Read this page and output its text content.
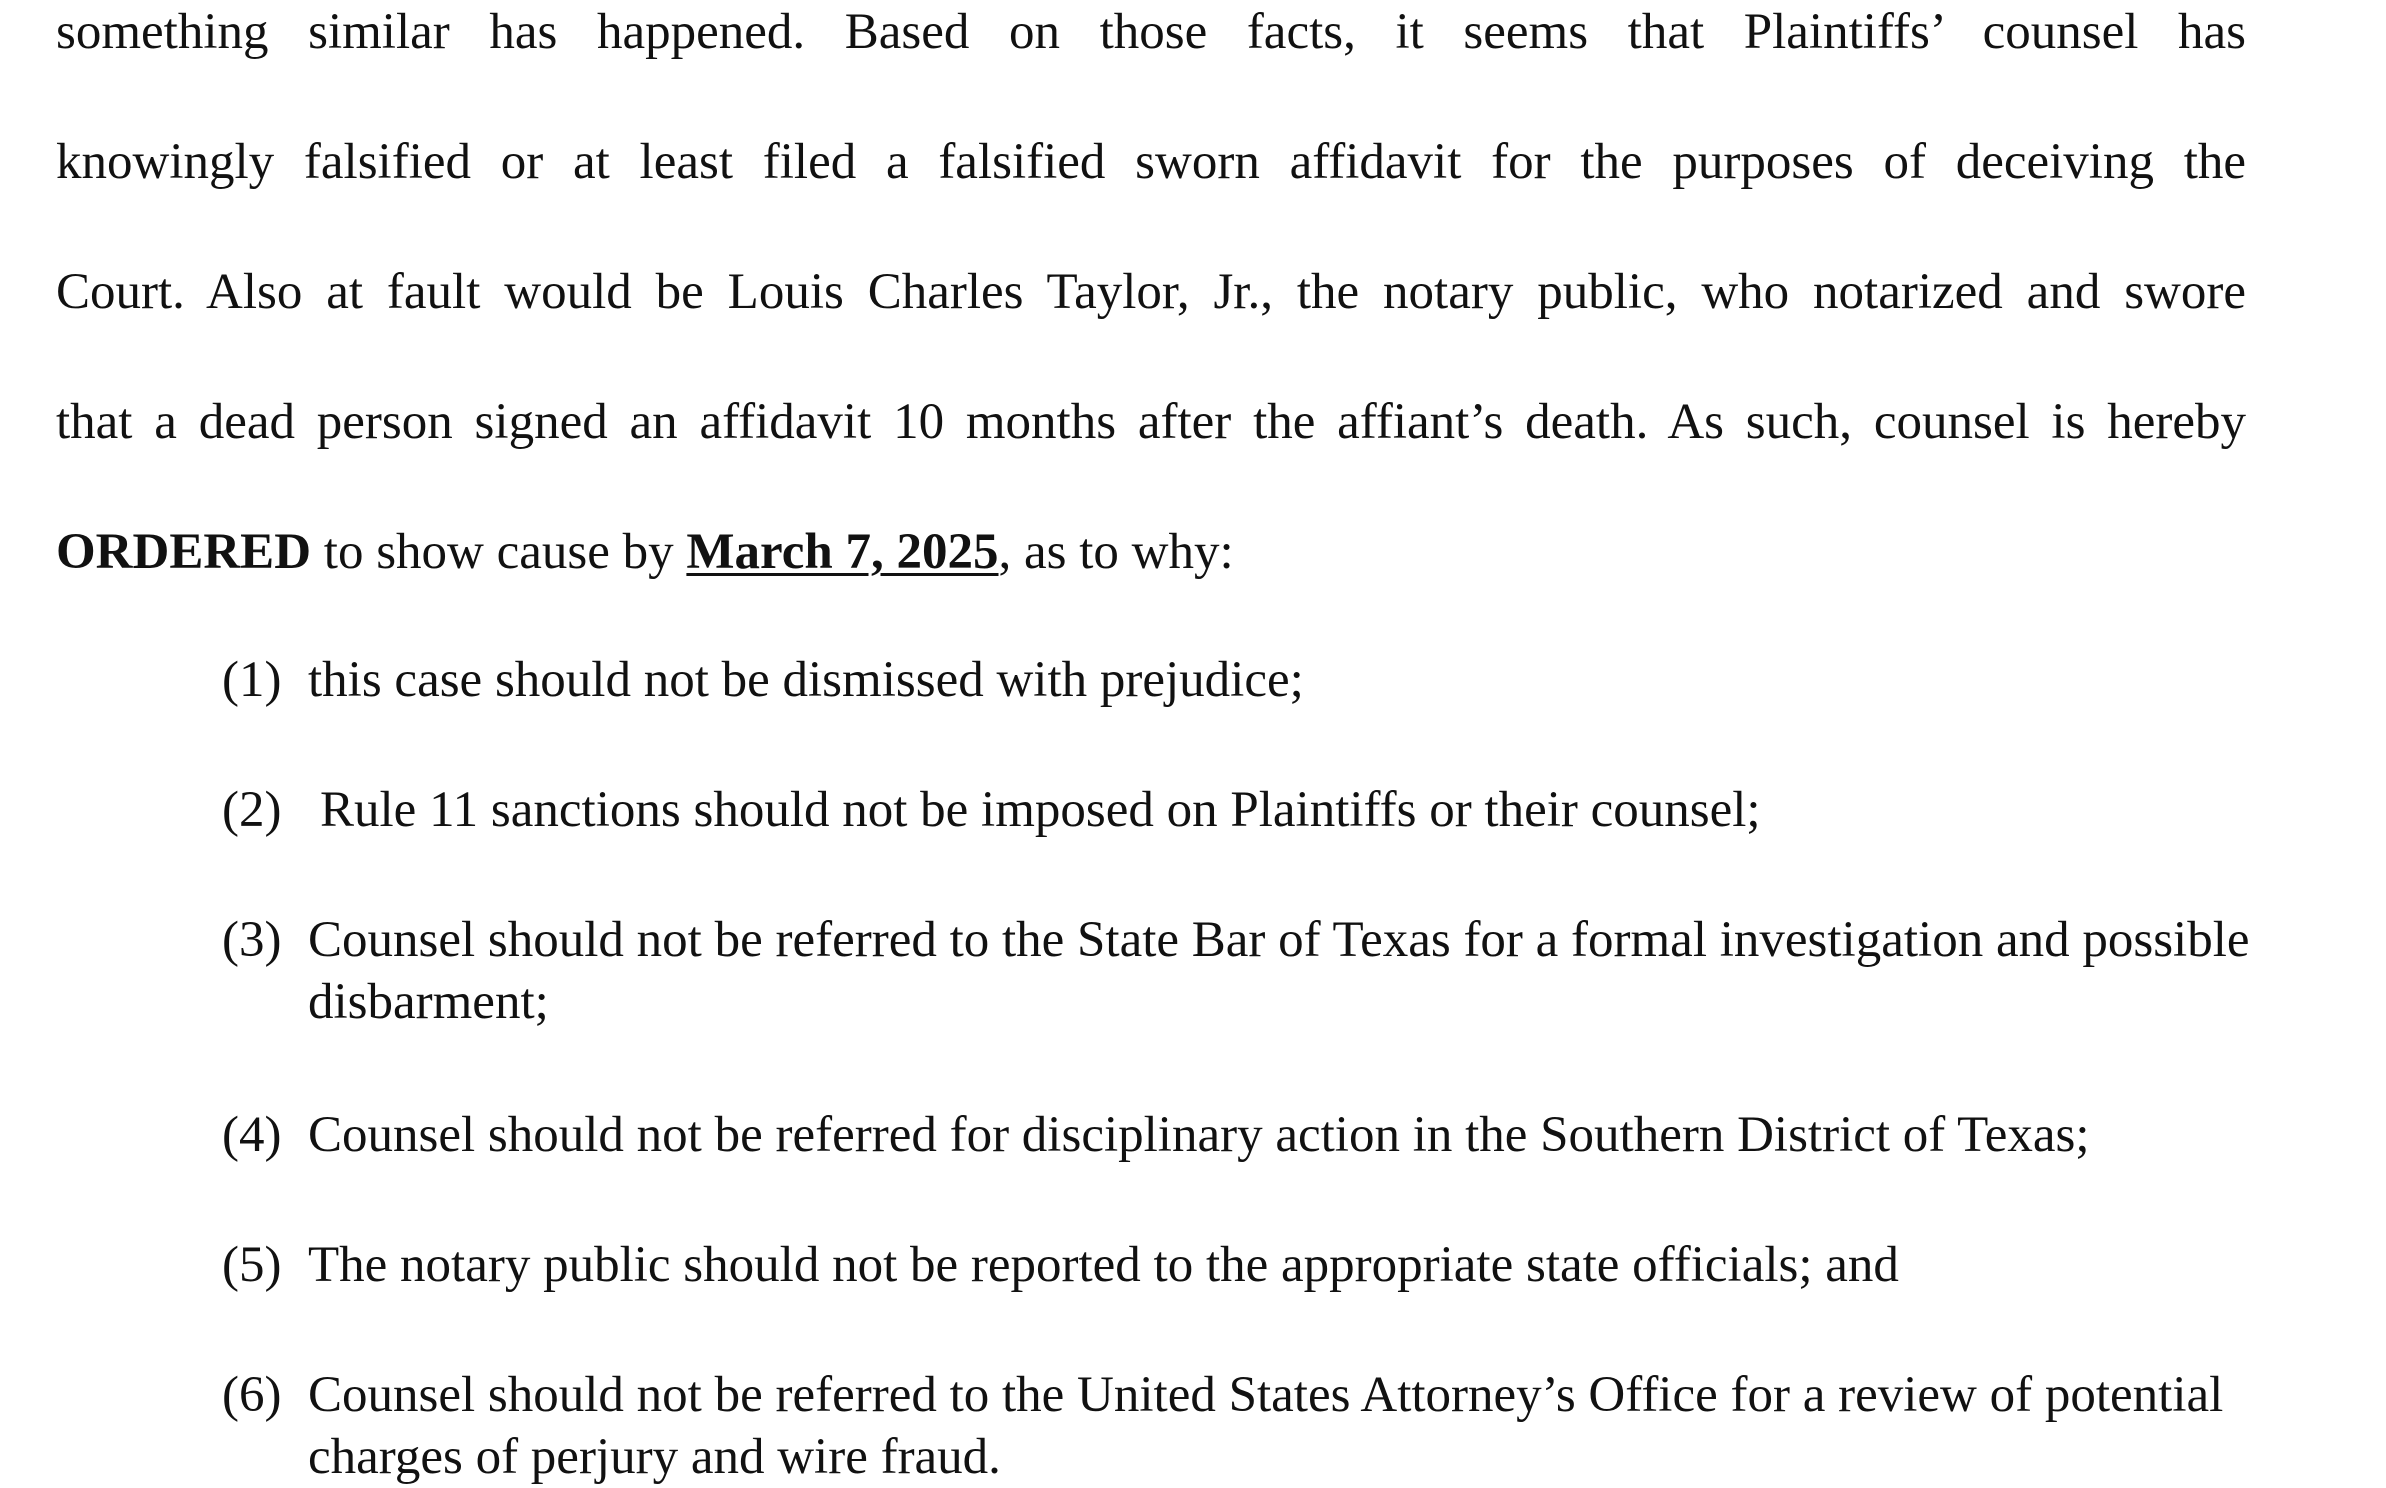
something similar has happened. Based on those facts, it seems that Plaintiffs’ counsel has
knowingly falsified or at least filed a falsified sworn affidavit for the purposes of deceiving the
Court. Also at fault would be Louis Charles Taylor, Jr., the notary public, who notarized and swore
that a dead person signed an affidavit 10 months after the affiant’s death. As such, counsel is hereby
ORDERED to show cause by March 7, 2025, as to why:
(1) this case should not be dismissed with prejudice;
(2) Rule 11 sanctions should not be imposed on Plaintiffs or their counsel;
(3) Counsel should not be referred to the State Bar of Texas for a formal investigation and possible disbarment;
(4) Counsel should not be referred for disciplinary action in the Southern District of Texas;
(5) The notary public should not be reported to the appropriate state officials; and
(6) Counsel should not be referred to the United States Attorney’s Office for a review of potential charges of perjury and wire fraud.
